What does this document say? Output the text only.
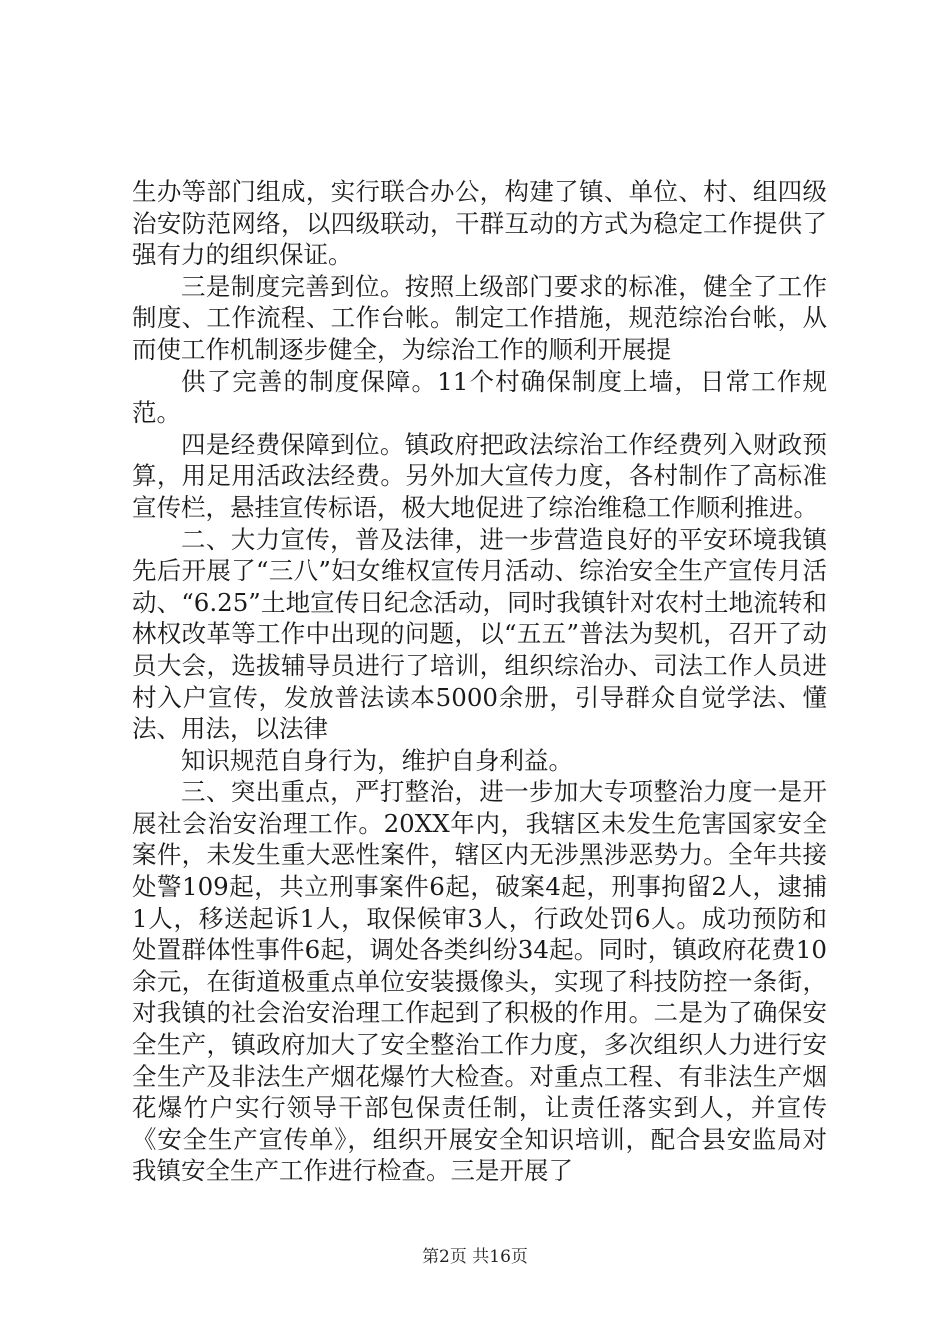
生办等部门组成，实行联合办公，构建了镇、单位、村、组四级治安防范网络，以四级联动，干群互动的方式为稳定工作提供了强有力的组织保证。

三是制度完善到位。按照上级部门要求的标准，健全了工作制度、工作流程、工作台帐。制定工作措施，规范综治台帐，从而使工作机制逐步健全，为综治工作的顺利开展提

供了完善的制度保障。11个村确保制度上墙，日常工作规范。

四是经费保障到位。镇政府把政法综治工作经费列入财政预算，用足用活政法经费。另外加大宣传力度，各村制作了高标准宣传栏，悬挂宣传标语，极大地促进了综治维稳工作顺利推进。

二、大力宣传，普及法律，进一步营造良好的平安环境我镇先后开展了“三八”妇女维权宣传月活动、综治安全生产宣传月活动、“6.25”土地宣传日纪念活动，同时我镇针对农村土地流转和林权改革等工作中出现的问题，以“五五”普法为契机，召开了动员大会，选拔辅导员进行了培训，组织综治办、司法工作人员进村入户宣传，发放普法读本5000余册，引导群众自觉学法、懂法、用法，以法律

知识规范自身行为，维护自身利益。

三、突出重点，严打整治，进一步加大专项整治力度一是开展社会治安治理工作。20XX年内，我辖区未发生危害国家安全案件，未发生重大恶性案件，辖区内无涉黑涉恶势力。全年共接处警109起，共立刑事案件6起，破案4起，刑事拘留2人，逮捕1人，移送起诉1人，取保候审3人，行政处罚6人。成功预防和处置群体性事件6起，调处各类纠纷34起。同时，镇政府花费10余元，在街道极重点单位安装摄像头，实现了科技防控一条街，对我镇的社会治安治理工作起到了积极的作用。二是为了确保安全生产，镇政府加大了安全整治工作力度，多次组织人力进行安全生产及非法生产烟花爆竹大检查。对重点工程、有非法生产烟花爆竹户实行领导干部包保责任制，让责任落实到人，并宣传《安全生产宣传单》，组织开展安全知识培训，配合县安监局对我镇安全生产工作进行检查。三是开展了

第2页 共16页
